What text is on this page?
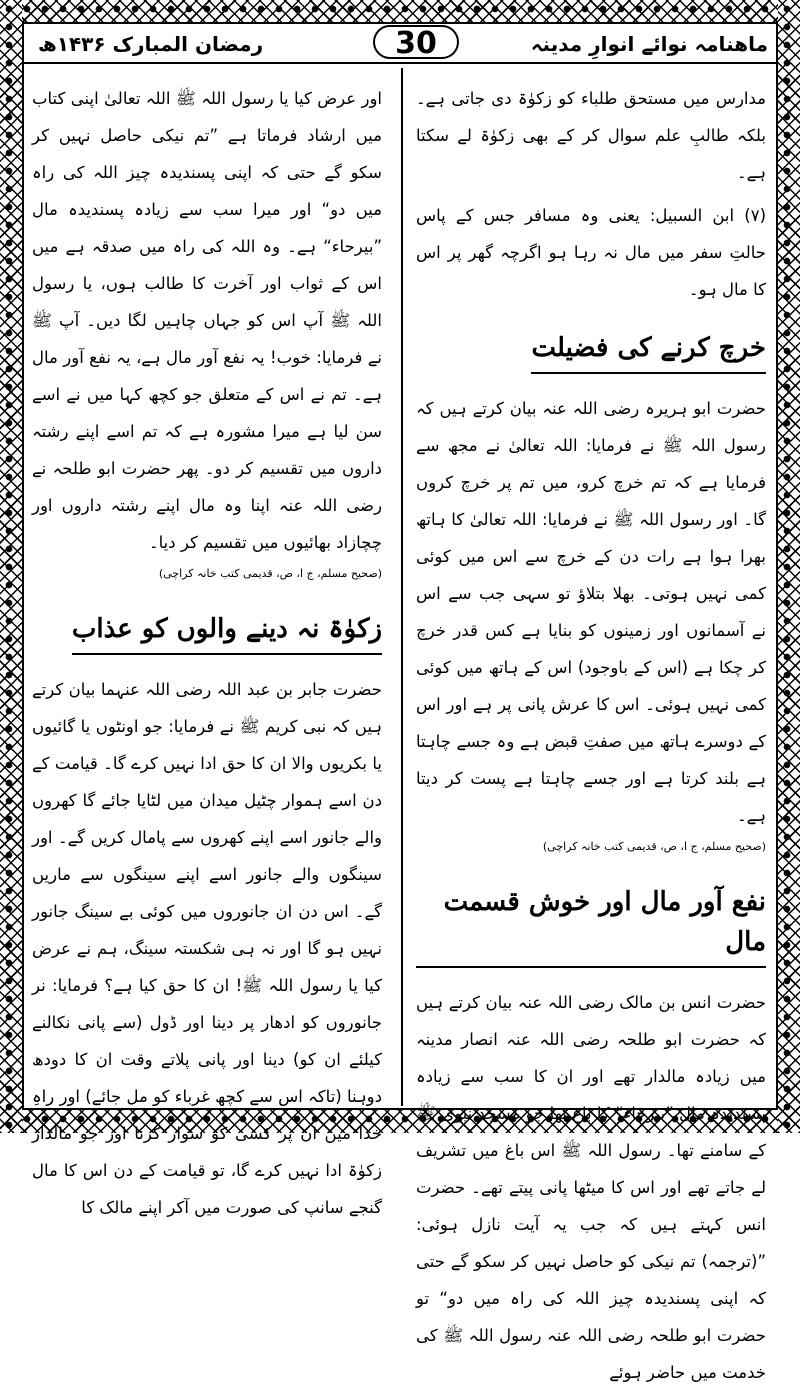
ماھنامہ نوائے انوارِ مدینہ
30
رمضان المبارک ۱۴۳۶ھ

مدارس میں مستحق طلباء کو زکوٰۃ دی جاتی ہے۔ بلکہ طالبِ علم سوال کر کے بھی زکوٰۃ لے سکتا ہے۔

(۷) ابن السبیل: یعنی وہ مسافر جس کے پاس حالتِ سفر میں مال نہ رہا ہو اگرچہ گھر پر اس کا مال ہو۔

خرچ کرنے کی فضیلت

حضرت ابو ہریرہ رضی اللہ عنہ بیان کرتے ہیں کہ رسول اللہ ﷺ نے فرمایا: اللہ تعالیٰ نے مجھ سے فرمایا ہے کہ تم خرچ کرو، میں تم پر خرچ کروں گا۔ اور رسول اللہ ﷺ نے فرمایا: اللہ تعالیٰ کا ہاتھ بھرا ہوا ہے رات دن کے خرچ سے اس میں کوئی کمی نہیں ہوتی۔ بھلا بتلاؤ تو سہی جب سے اس نے آسمانوں اور زمینوں کو بنایا ہے کس قدر خرچ کر چکا ہے (اس کے باوجود) اس کے ہاتھ میں کوئی کمی نہیں ہوئی۔ اس کا عرش پانی پر ہے اور اس کے دوسرے ہاتھ میں صفتِ قبض ہے وہ جسے چاہتا ہے بلند کرتا ہے اور جسے چاہتا ہے پست کر دیتا ہے۔

(صحیح مسلم، ج ا، ص، قدیمی کتب خانہ کراچی)

نفع آور مال اور خوش قسمت مال

حضرت انس بن مالک رضی اللہ عنہ بیان کرتے ہیں کہ حضرت ابو طلحہ رضی اللہ عنہ انصار مدینہ میں زیادہ مالدار تھے اور ان کا سب سے زیادہ پسندیدہ مال ”بیرحاء“ کا باغ تھا جو مسجد نبوی ﷺ کے سامنے تھا۔ رسول اللہ ﷺ اس باغ میں تشریف لے جاتے تھے اور اس کا میٹھا پانی پیتے تھے۔ حضرت انس کہتے ہیں کہ جب یہ آیت نازل ہوئی: ”(ترجمہ) تم نیکی کو حاصل نہیں کر سکو گے حتی کہ اپنی پسندیدہ چیز اللہ کی راہ میں دو“ تو حضرت ابو طلحہ رضی اللہ عنہ رسول اللہ ﷺ کی خدمت میں حاضر ہوئے

اور عرض کیا یا رسول اللہ ﷺ اللہ تعالیٰ اپنی کتاب میں ارشاد فرماتا ہے ”تم نیکی حاصل نہیں کر سکو گے حتی کہ اپنی پسندیدہ چیز اللہ کی راہ میں دو“ اور میرا سب سے زیادہ پسندیدہ مال ”بیرحاء“ ہے۔ وہ اللہ کی راہ میں صدقہ ہے میں اس کے ثواب اور آخرت کا طالب ہوں، یا رسول اللہ ﷺ آپ اس کو جہاں چاہیں لگا دیں۔ آپ ﷺ نے فرمایا: خوب! یہ نفع آور مال ہے، یہ نفع آور مال ہے۔ تم نے اس کے متعلق جو کچھ کہا میں نے اسے سن لیا ہے میرا مشورہ ہے کہ تم اسے اپنے رشتہ داروں میں تقسیم کر دو۔ پھر حضرت ابو طلحہ نے رضی اللہ عنہ اپنا وہ مال اپنے رشتہ داروں اور چچازاد بھائیوں میں تقسیم کر دیا۔

(صحیح مسلم، ج ا، ص، قدیمی کتب خانہ کراچی)

زکوٰۃ نہ دینے والوں کو عذاب

حضرت جابر بن عبد اللہ رضی اللہ عنہما بیان کرتے ہیں کہ نبی کریم ﷺ نے فرمایا: جو اونٹوں یا گائیوں یا بکریوں والا ان کا حق ادا نہیں کرے گا۔ قیامت کے دن اسے ہموار چٹیل میدان میں لٹایا جائے گا کھروں والے جانور اسے اپنے کھروں سے پامال کریں گے۔ اور سینگوں والے جانور اسے اپنے سینگوں سے ماریں گے۔ اس دن ان جانوروں میں کوئی بے سینگ جانور نہیں ہو گا اور نہ ہی شکستہ سینگ، ہم نے عرض کیا یا رسول اللہ ﷺ! ان کا حق کیا ہے؟ فرمایا: نر جانوروں کو ادھار پر دینا اور ڈول (سے پانی نکالنے کیلئے ان کو) دینا اور پانی پلاتے وقت ان کا دودھ دوہنا (تاکہ اس سے کچھ غرباء کو مل جائے) اور راہِ خدا میں ان پر کسی کو سوار کرنا اور جو مالدار زکوٰۃ ادا نہیں کرے گا، تو قیامت کے دن اس کا مال گنجے سانپ کی صورت میں آکر اپنے مالک کا
